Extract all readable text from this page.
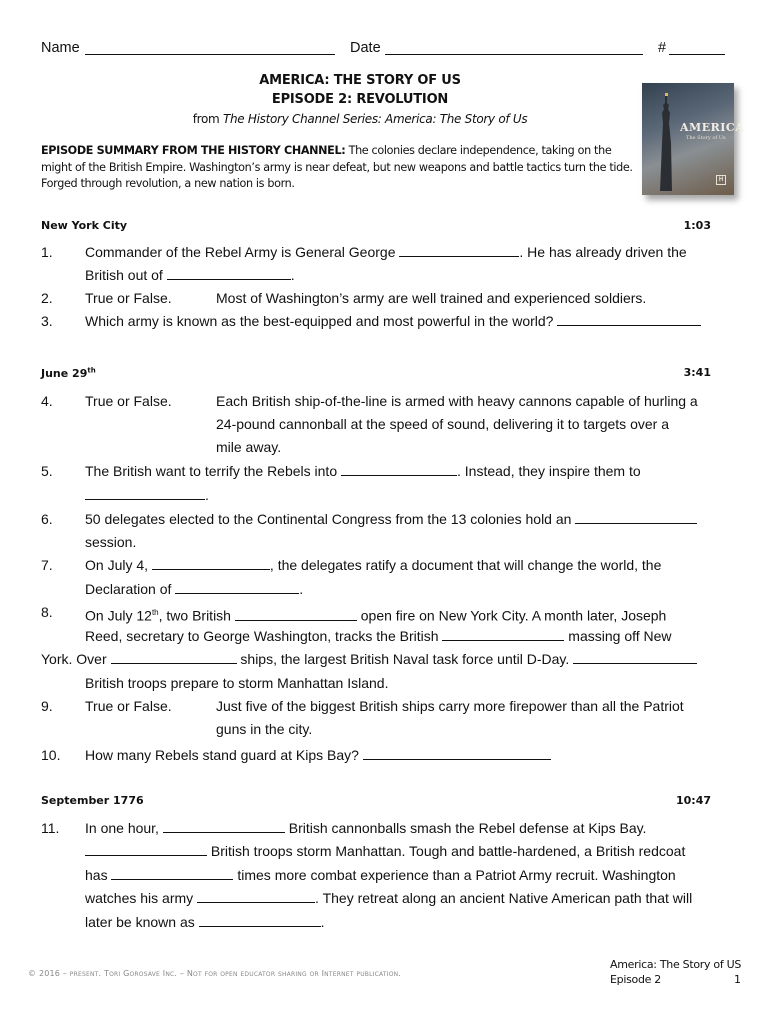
Name	Date	#
AMERICA: THE STORY OF US
EPISODE 2: REVOLUTION
from The History Channel Series: America: The Story of Us
AMERICA
The Story of Us
H
EPISODE SUMMARY FROM THE HISTORY CHANNEL: The colonies declare independence, taking on the might of the British Empire. Washington’s army is near defeat, but new weapons and battle tactics turn the tide. Forged through revolution, a new nation is born.
New York City	1:03
1. Commander of the Rebel Army is General George	. He has already driven the
British out of	.
2. True or False.	Most of Washington’s army are well trained and experienced soldiers.
3. Which army is known as the best-equipped and most powerful in the world?
June 29th	3:41
4. True or False.	Each British ship-of-the-line is armed with heavy cannons capable of hurling a
24-pound cannonball at the speed of sound, delivering it to targets over a
mile away.
5. The British want to terrify the Rebels into	. Instead, they inspire them to
.
6. 50 delegates elected to the Continental Congress from the 13 colonies hold an
session.
7. On July 4,	, the delegates ratify a document that will change the world, the
Declaration of	.
8. On July 12th, two British	open fire on New York City. A month later, Joseph
Reed, secretary to George Washington, tracks the British	massing off New
York. Over	ships, the largest British Naval task force until D-Day.
British troops prepare to storm Manhattan Island.
9. True or False.	Just five of the biggest British ships carry more firepower than all the Patriot
guns in the city.
10. How many Rebels stand guard at Kips Bay?
September 1776	10:47
11. In one hour,	British cannonballs smash the Rebel defense at Kips Bay.
British troops storm Manhattan. Tough and battle-hardened, a British redcoat
has	times more combat experience than a Patriot Army recruit. Washington
watches his army	. They retreat along an ancient Native American path that will
later be known as	.
© 2016 – present. Tori Gorosave Inc. – Not for open educator sharing or Internet publication.
America: The Story of US
Episode 2	1
